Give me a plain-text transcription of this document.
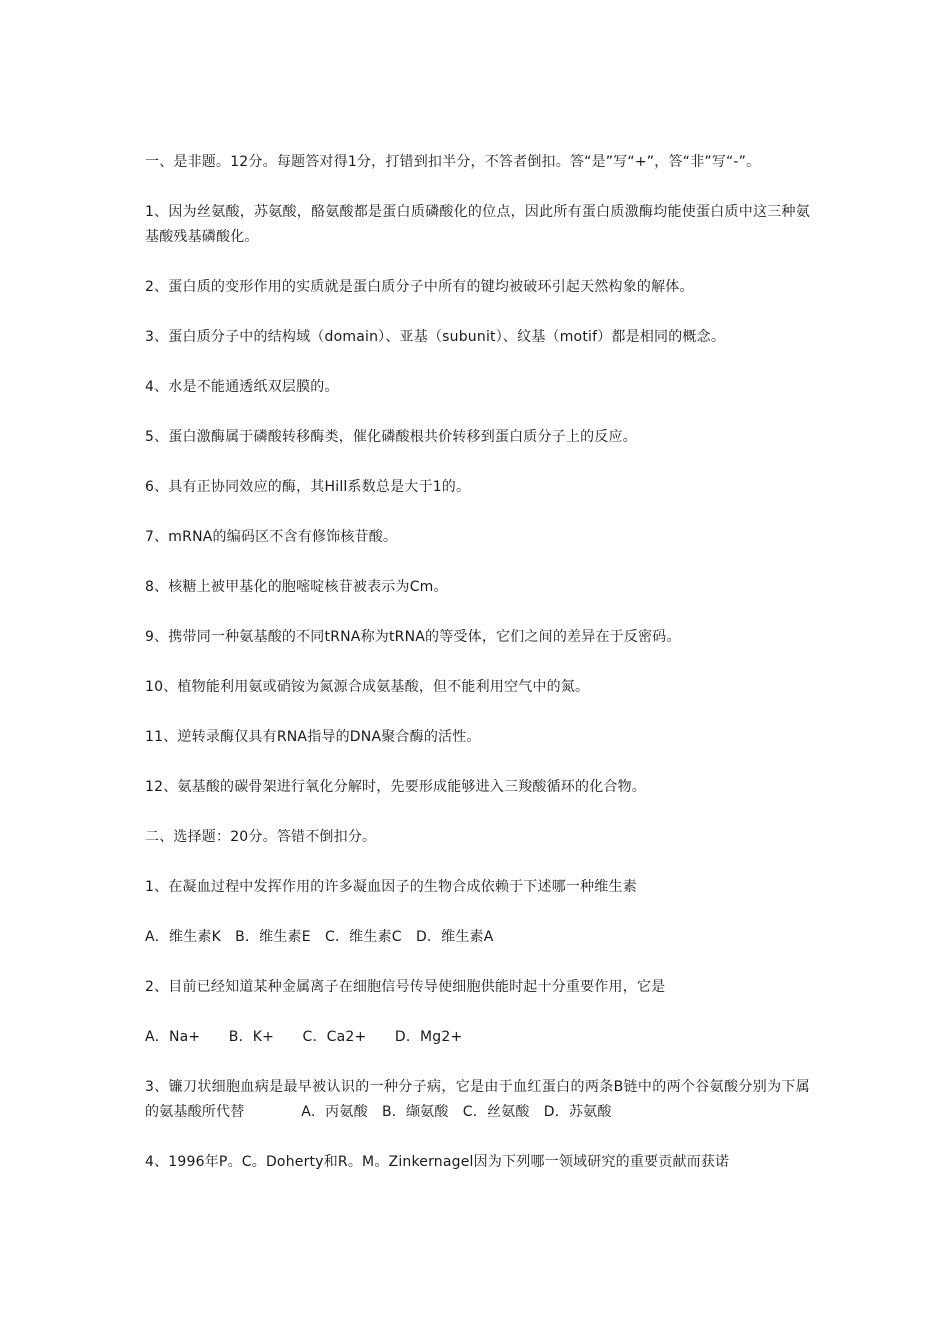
一、是非题。12分。每题答对得1分，打错到扣半分，不答者倒扣。答“是”写“+”，答“非”写“-”。

1、因为丝氨酸，苏氨酸，酪氨酸都是蛋白质磷酸化的位点，因此所有蛋白质激酶均能使蛋白质中这三种氨基酸残基磷酸化。

2、蛋白质的变形作用的实质就是蛋白质分子中所有的键均被破环引起天然构象的解体。

3、蛋白质分子中的结构域（domain）、亚基（subunit）、纹基（motif）都是相同的概念。

4、水是不能通透纸双层膜的。

5、蛋白激酶属于磷酸转移酶类，催化磷酸根共价转移到蛋白质分子上的反应。

6、具有正协同效应的酶，其Hill系数总是大于1的。

7、mRNA的编码区不含有修饰核苷酸。

8、核糖上被甲基化的胞嘧啶核苷被表示为Cm。

9、携带同一种氨基酸的不同tRNA称为tRNA的等受体，它们之间的差异在于反密码。

10、植物能利用氨或硝铵为氮源合成氨基酸，但不能利用空气中的氮。

11、逆转录酶仅具有RNA指导的DNA聚合酶的活性。

12、氨基酸的碳骨架进行氧化分解时，先要形成能够进入三羧酸循环的化合物。

二、选择题：20分。答错不倒扣分。

1、在凝血过程中发挥作用的许多凝血因子的生物合成依赖于下述哪一种维生素

A．维生素K　B．维生素E　C．维生素C　D．维生素A

2、目前已经知道某种金属离子在细胞信号传导使细胞供能时起十分重要作用，它是

A．Na+　　B．K+　　C．Ca2+　　D．Mg2+

3、镰刀状细胞血病是最早被认识的一种分子病，它是由于血红蛋白的两条B链中的两个谷氨酸分别为下属的氨基酸所代替　　　　A．丙氨酸　B．缬氨酸　C．丝氨酸　D．苏氨酸

4、1996年P。C。Doherty和R。M。Zinkernagel因为下列哪一领域研究的重要贡献而获诺
